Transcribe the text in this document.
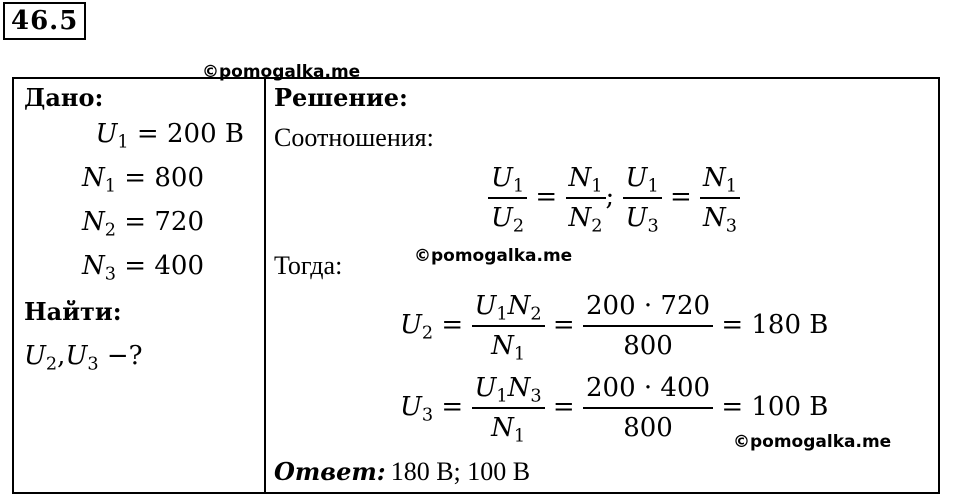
46.5
Дано:
$U_1 = 200$ В
$N_1 = 800$
$N_2 = 720$
$N_3 = 400$
Найти:
$U_2,U_3$ −?
Решение:
Соотношения:
$\frac{U_1}{U_2} = \frac{N_1}{N_2}$ ; $\frac{U_1}{U_3} = \frac{N_1}{N_3}$
Тогда:
$U_2 = \frac{U_1N_2}{N_1} = \frac{200 \cdot 720}{800} = 180$ В
$U_3 = \frac{U_1N_3}{N_1} = \frac{200 \cdot 400}{800} = 100$ В
Ответ: 180 В; 100 В
©pomogalka.me
©pomogalka.me
©pomogalka.me
